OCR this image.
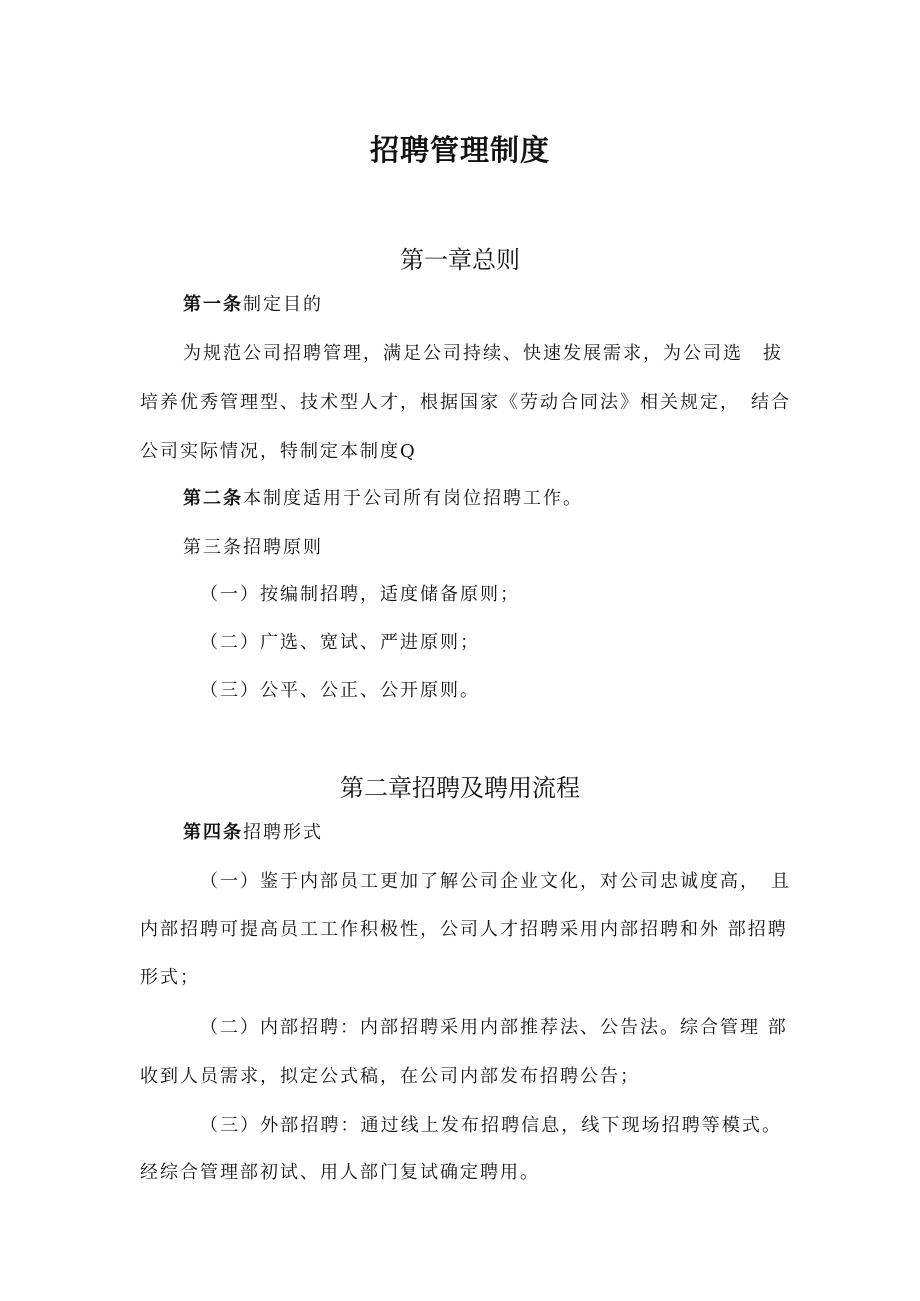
招聘管理制度
第一章总则
第一条制定目的
为规范公司招聘管理，满足公司持续、快速发展需求，为公司选　拔
培养优秀管理型、技术型人才，根据国家《劳动合同法》相关规定，　结合
公司实际情况，特制定本制度Q
第二条本制度适用于公司所有岗位招聘工作。
第三条招聘原则
（一）按编制招聘，适度储备原则；
（二）广选、宽试、严进原则；
（三）公平、公正、公开原则。
第二章招聘及聘用流程
第四条招聘形式
（一）鉴于内部员工更加了解公司企业文化，对公司忠诚度高，　且
内部招聘可提高员工工作积极性，公司人才招聘采用内部招聘和外 部招聘
形式；
（二）内部招聘：内部招聘采用内部推荐法、公告法。综合管理 部
收到人员需求，拟定公式稿，在公司内部发布招聘公告；
（三）外部招聘：通过线上发布招聘信息，线下现场招聘等模式。
经综合管理部初试、用人部门复试确定聘用。
